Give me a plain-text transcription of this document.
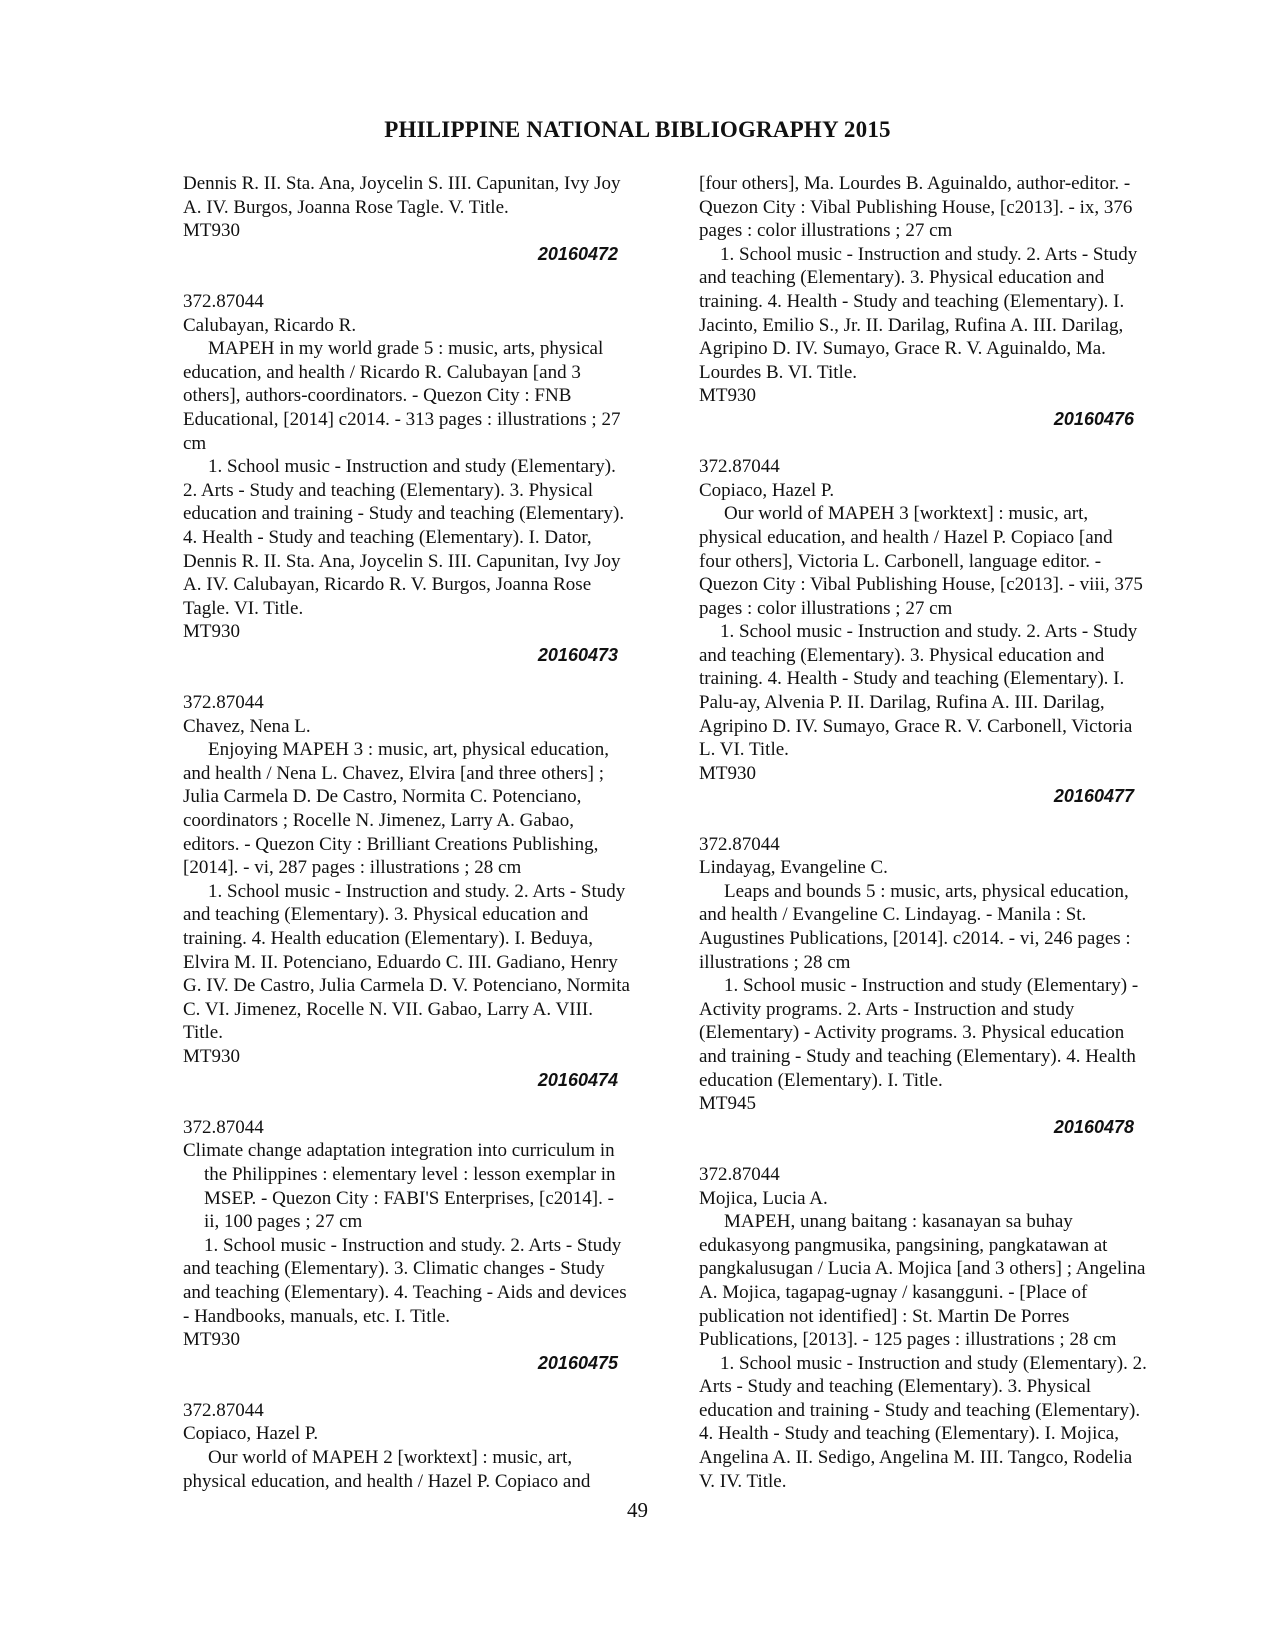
PHILIPPINE NATIONAL BIBLIOGRAPHY 2015
Dennis R. II. Sta. Ana, Joycelin S. III. Capunitan, Ivy Joy
A. IV. Burgos, Joanna Rose Tagle. V. Title.
MT930
20160472
372.87044
Calubayan, Ricardo R.
MAPEH in my world grade 5 : music, arts, physical
education, and health / Ricardo R. Calubayan [and 3
others], authors-coordinators. - Quezon City : FNB
Educational, [2014] c2014. - 313 pages : illustrations ; 27
cm
1. School music - Instruction and study (Elementary).
2. Arts - Study and teaching (Elementary). 3. Physical
education and training - Study and teaching (Elementary).
4. Health - Study and teaching (Elementary). I. Dator,
Dennis R. II. Sta. Ana, Joycelin S. III. Capunitan, Ivy Joy
A. IV. Calubayan, Ricardo R. V. Burgos, Joanna Rose
Tagle. VI. Title.
MT930
20160473
372.87044
Chavez, Nena L.
Enjoying MAPEH 3 : music, art, physical education,
and health / Nena L. Chavez, Elvira [and three others] ;
Julia Carmela D. De Castro, Normita C. Potenciano,
coordinators ; Rocelle N. Jimenez, Larry A. Gabao,
editors. - Quezon City : Brilliant Creations Publishing,
[2014]. - vi, 287 pages : illustrations ; 28 cm
1. School music - Instruction and study. 2. Arts - Study
and teaching (Elementary). 3. Physical education and
training. 4. Health education (Elementary). I. Beduya,
Elvira M. II. Potenciano, Eduardo C. III. Gadiano, Henry
G. IV. De Castro, Julia Carmela D. V. Potenciano, Normita
C. VI. Jimenez, Rocelle N. VII. Gabao, Larry A. VIII.
Title.
MT930
20160474
372.87044
Climate change adaptation integration into curriculum in
the Philippines : elementary level : lesson exemplar in
MSEP. - Quezon City : FABI'S Enterprises, [c2014]. -
ii, 100 pages ; 27 cm
1. School music - Instruction and study. 2. Arts - Study
and teaching (Elementary). 3. Climatic changes - Study
and teaching (Elementary). 4. Teaching - Aids and devices
- Handbooks, manuals, etc. I. Title.
MT930
20160475
372.87044
Copiaco, Hazel P.
Our world of MAPEH 2 [worktext] : music, art,
physical education, and health / Hazel P. Copiaco and
[four others], Ma. Lourdes B. Aguinaldo, author-editor. -
Quezon City : Vibal Publishing House, [c2013]. - ix, 376
pages : color illustrations ; 27 cm
1. School music - Instruction and study. 2. Arts - Study
and teaching (Elementary). 3. Physical education and
training. 4. Health - Study and teaching (Elementary). I.
Jacinto, Emilio S., Jr. II. Darilag, Rufina A. III. Darilag,
Agripino D. IV. Sumayo, Grace R. V. Aguinaldo, Ma.
Lourdes B. VI. Title.
MT930
20160476
372.87044
Copiaco, Hazel P.
Our world of MAPEH 3 [worktext] : music, art,
physical education, and health / Hazel P. Copiaco [and
four others], Victoria L. Carbonell, language editor. -
Quezon City : Vibal Publishing House, [c2013]. - viii, 375
pages : color illustrations ; 27 cm
1. School music - Instruction and study. 2. Arts - Study
and teaching (Elementary). 3. Physical education and
training. 4. Health - Study and teaching (Elementary). I.
Palu-ay, Alvenia P. II. Darilag, Rufina A. III. Darilag,
Agripino D. IV. Sumayo, Grace R. V. Carbonell, Victoria
L. VI. Title.
MT930
20160477
372.87044
Lindayag, Evangeline C.
Leaps and bounds 5 : music, arts, physical education,
and health / Evangeline C. Lindayag. - Manila : St.
Augustines Publications, [2014]. c2014. - vi, 246 pages :
illustrations ; 28 cm
1. School music - Instruction and study (Elementary) -
Activity programs. 2. Arts - Instruction and study
(Elementary) - Activity programs. 3. Physical education
and training - Study and teaching (Elementary). 4. Health
education (Elementary). I. Title.
MT945
20160478
372.87044
Mojica, Lucia A.
MAPEH, unang baitang : kasanayan sa buhay
edukasyong pangmusika, pangsining, pangkatawan at
pangkalusugan / Lucia A. Mojica [and 3 others] ; Angelina
A. Mojica, tagapag-ugnay / kasangguni. - [Place of
publication not identified] : St. Martin De Porres
Publications, [2013]. - 125 pages : illustrations ; 28 cm
1. School music - Instruction and study (Elementary). 2.
Arts - Study and teaching (Elementary). 3. Physical
education and training - Study and teaching (Elementary).
4. Health - Study and teaching (Elementary). I. Mojica,
Angelina A. II. Sedigo, Angelina M. III. Tangco, Rodelia
V. IV. Title.
49
